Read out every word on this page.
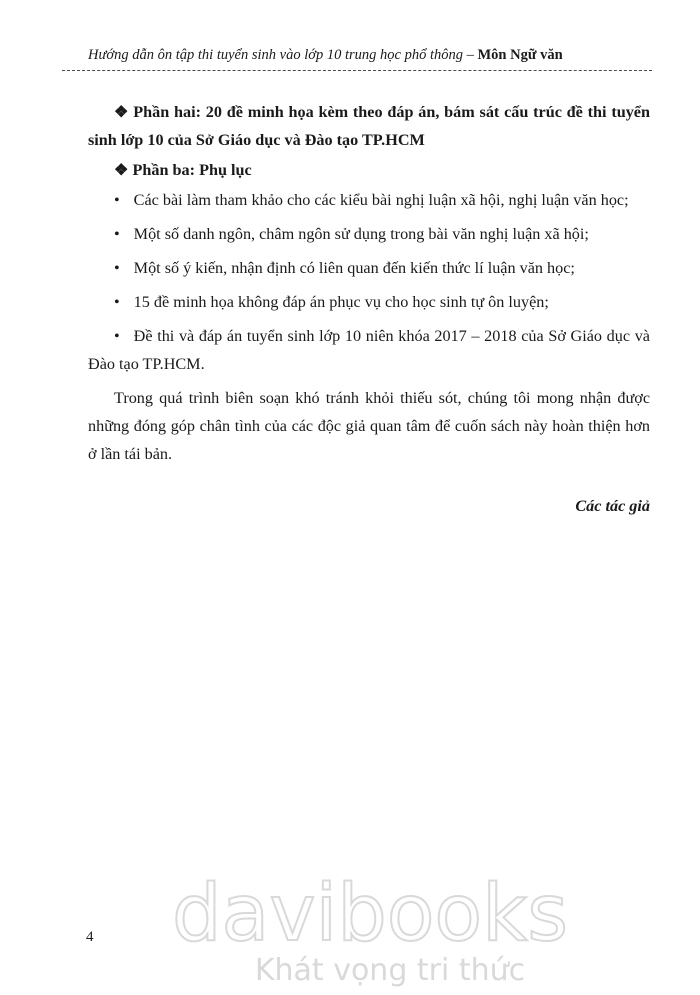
Hướng dẫn ôn tập thi tuyển sinh vào lớp 10 trung học phổ thông – Môn Ngữ văn

❖ Phần hai: 20 đề minh họa kèm theo đáp án, bám sát cấu trúc đề thi tuyển sinh lớp 10 của Sở Giáo dục và Đào tạo TP.HCM

❖ Phần ba: Phụ lục

• Các bài làm tham khảo cho các kiểu bài nghị luận xã hội, nghị luận văn học;
• Một số danh ngôn, châm ngôn sử dụng trong bài văn nghị luận xã hội;
• Một số ý kiến, nhận định có liên quan đến kiến thức lí luận văn học;
• 15 đề minh họa không đáp án phục vụ cho học sinh tự ôn luyện;
• Đề thi và đáp án tuyển sinh lớp 10 niên khóa 2017 – 2018 của Sở Giáo dục và Đào tạo TP.HCM.

Trong quá trình biên soạn khó tránh khỏi thiếu sót, chúng tôi mong nhận được những đóng góp chân tình của các độc giả quan tâm để cuốn sách này hoàn thiện hơn ở lần tái bản.

Các tác giả

4 davibooks
Khát vọng tri thức
